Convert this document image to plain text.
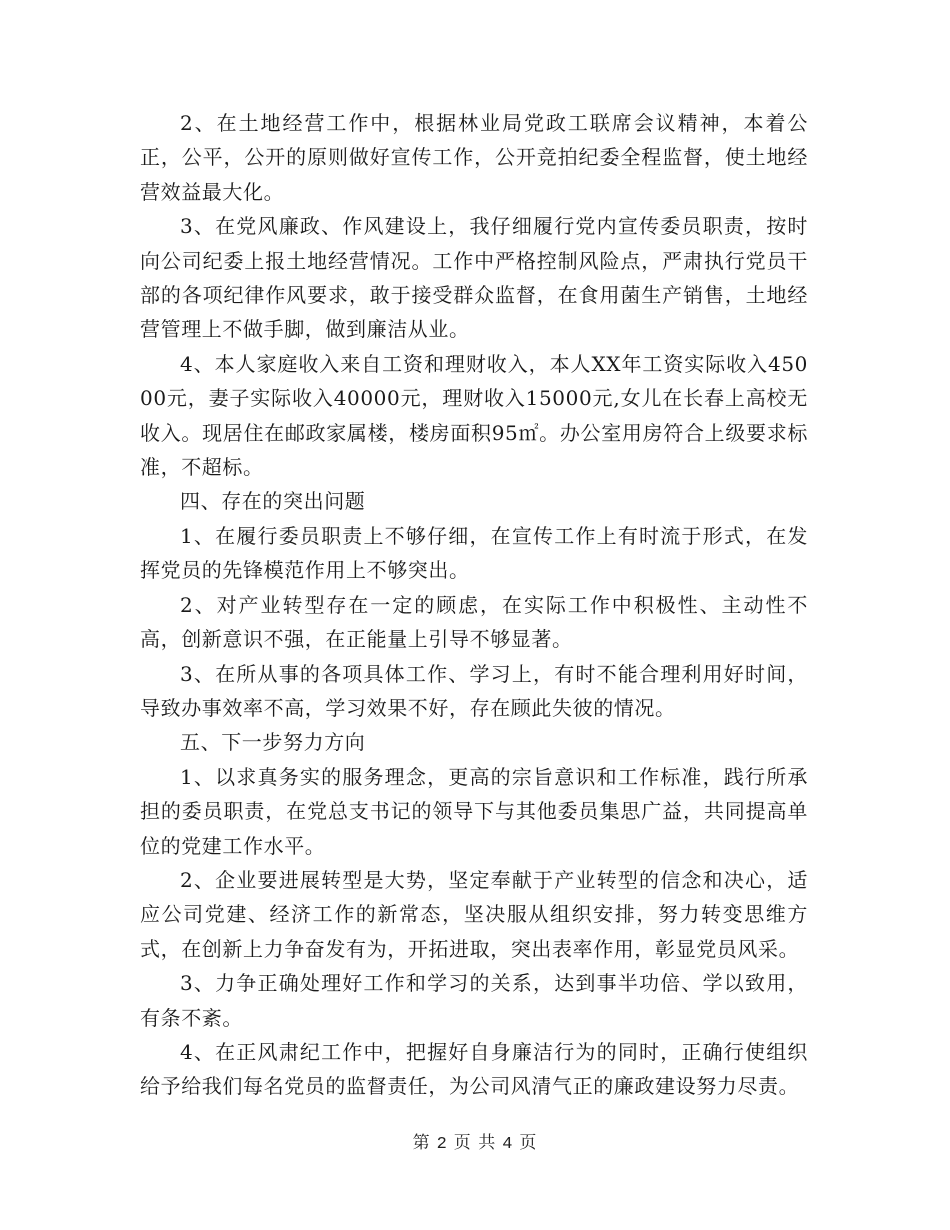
2、在土地经营工作中，根据林业局党政工联席会议精神，本着公正，公平，公开的原则做好宣传工作，公开竞拍纪委全程监督，使土地经营效益最大化。

3、在党风廉政、作风建设上，我仔细履行党内宣传委员职责，按时向公司纪委上报土地经营情况。工作中严格控制风险点，严肃执行党员干部的各项纪律作风要求，敢于接受群众监督，在食用菌生产销售，土地经营管理上不做手脚，做到廉洁从业。

4、本人家庭收入来自工资和理财收入，本人XX年工资实际收入45000元，妻子实际收入40000元，理财收入15000元,女儿在长春上高校无收入。现居住在邮政家属楼，楼房面积95㎡。办公室用房符合上级要求标准，不超标。

四、存在的突出问题

1、在履行委员职责上不够仔细，在宣传工作上有时流于形式，在发挥党员的先锋模范作用上不够突出。

2、对产业转型存在一定的顾虑，在实际工作中积极性、主动性不高，创新意识不强，在正能量上引导不够显著。

3、在所从事的各项具体工作、学习上，有时不能合理利用好时间，导致办事效率不高，学习效果不好，存在顾此失彼的情况。

五、下一步努力方向

1、以求真务实的服务理念，更高的宗旨意识和工作标准，践行所承担的委员职责，在党总支书记的领导下与其他委员集思广益，共同提高单位的党建工作水平。

2、企业要进展转型是大势，坚定奉献于产业转型的信念和决心，适应公司党建、经济工作的新常态，坚决服从组织安排，努力转变思维方式，在创新上力争奋发有为，开拓进取，突出表率作用，彰显党员风采。

3、力争正确处理好工作和学习的关系，达到事半功倍、学以致用，有条不紊。

4、在正风肃纪工作中，把握好自身廉洁行为的同时，正确行使组织给予给我们每名党员的监督责任，为公司风清气正的廉政建设努力尽责。

第 2 页 共 4 页
